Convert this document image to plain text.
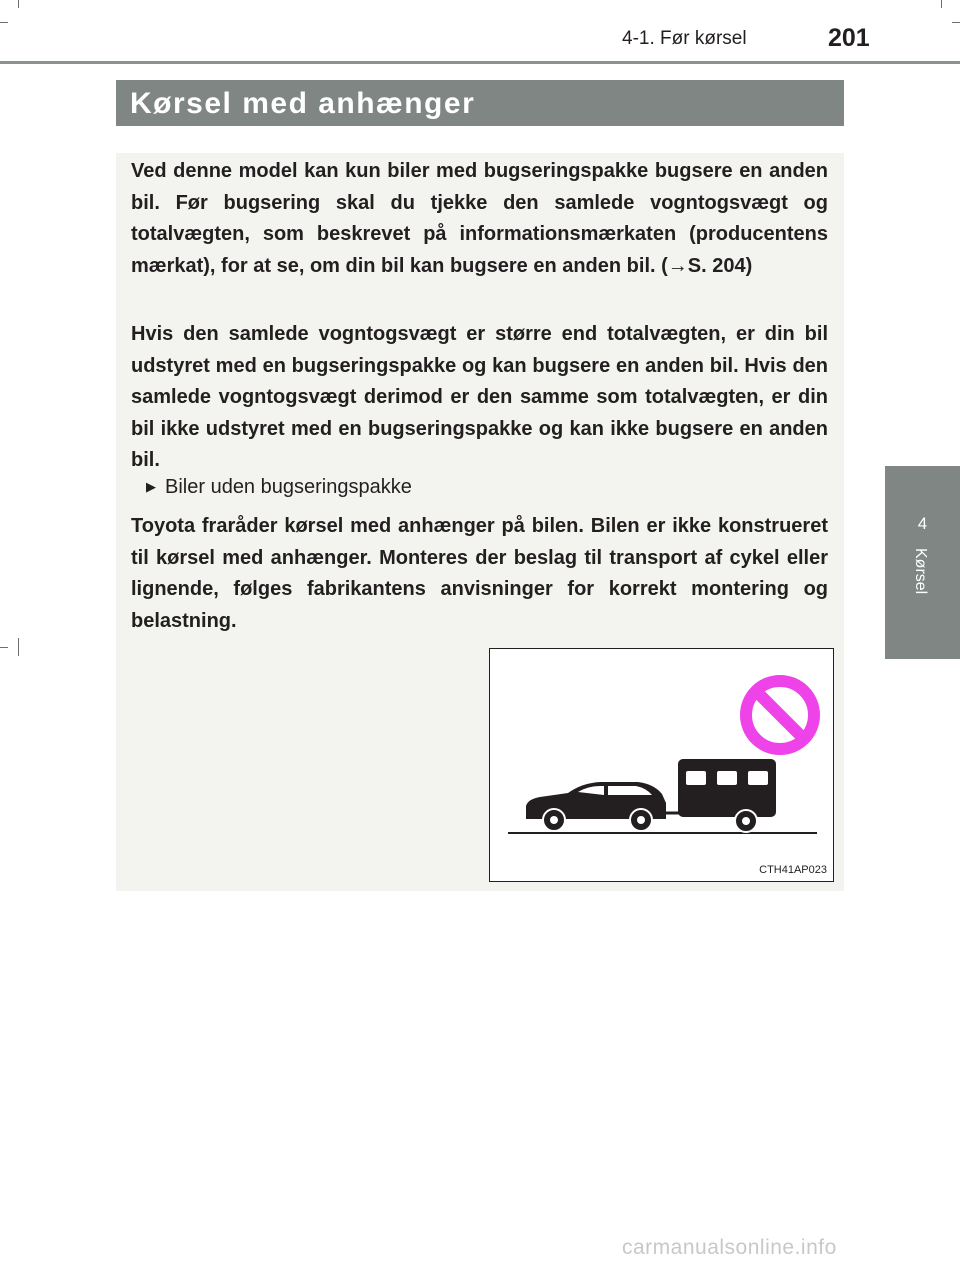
4-1. Før kørsel	201
4
Kørsel
Kørsel med anhænger

Ved denne model kan kun biler med bugseringspakke bugsere en anden bil. Før bugsering skal du tjekke den samlede vogntogsvægt og totalvægten, som beskrevet på informationsmærkaten (producentens mærkat), for at se, om din bil kan bugsere en anden bil. (→S. 204)

Hvis den samlede vogntogsvægt er større end totalvægten, er din bil udstyret med en bugseringspakke og kan bugsere en anden bil. Hvis den samlede vogntogsvægt derimod er den samme som totalvægten, er din bil ikke udstyret med en bugseringspakke og kan ikke bugsere en anden bil.

▶ Biler uden bugseringspakke

Toyota fraråder kørsel med anhænger på bilen. Bilen er ikke konstrueret til kørsel med anhænger. Monteres der beslag til transport af cykel eller lignende, følges fabrikantens anvisninger for korrekt montering og belastning.

CTH41AP023
carmanualsonline.info
